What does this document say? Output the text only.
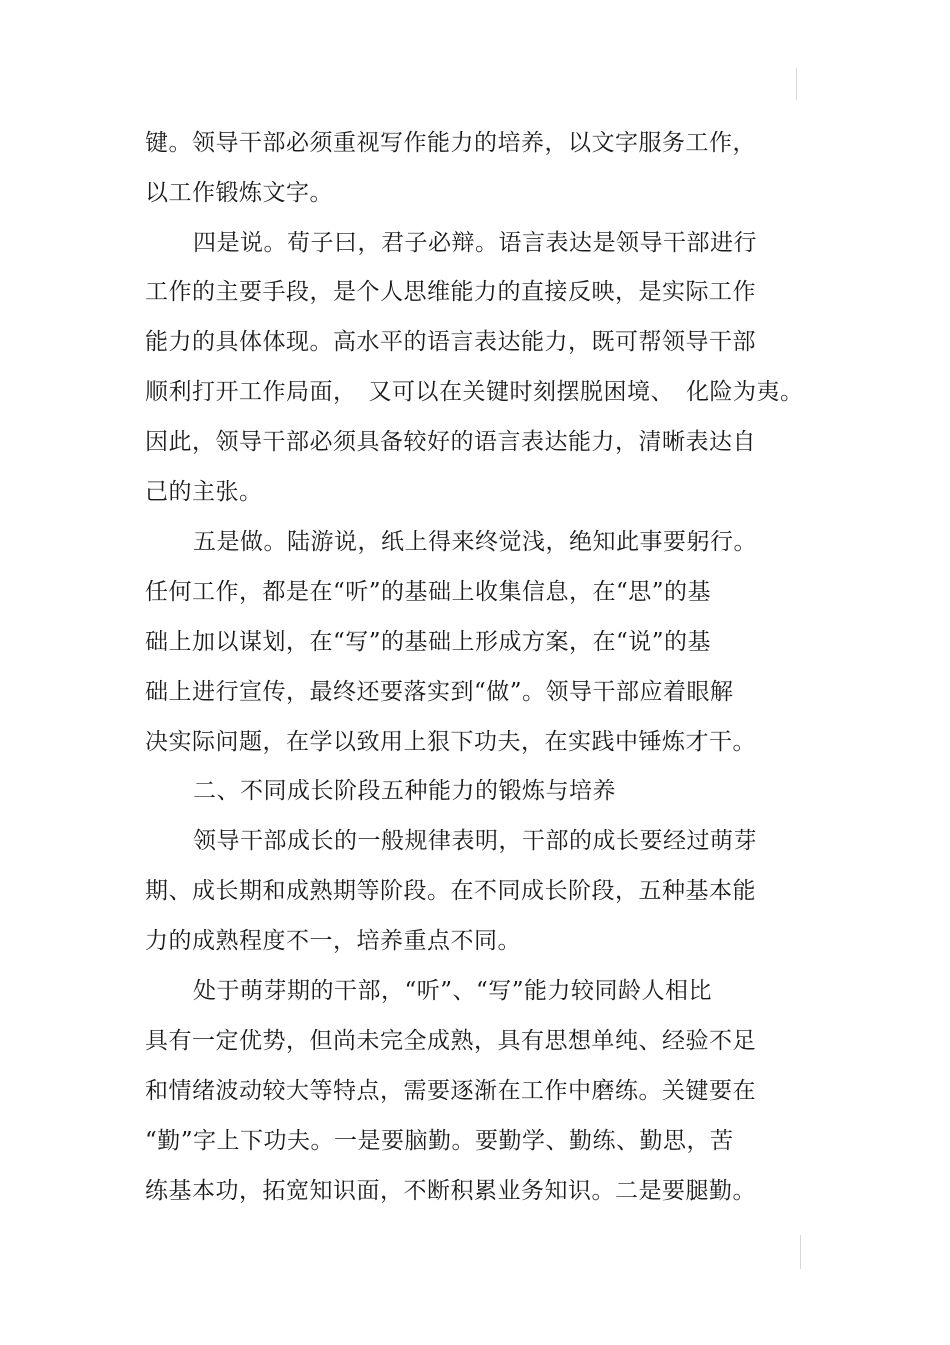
键。领导干部必须重视写作能力的培养，以文字服务工作，
以工作锻炼文字。
四是说。荀子曰，君子必辩。语言表达是领导干部进行
工作的主要手段，是个人思维能力的直接反映，是实际工作
能力的具体体现。高水平的语言表达能力，既可帮领导干部
顺利打开工作局面，　又可以在关键时刻摆脱困境、　化险为夷。
因此，领导干部必须具备较好的语言表达能力，清晰表达自
己的主张。
五是做。陆游说，纸上得来终觉浅，绝知此事要躬行。
任何工作，都是在“听”的基础上收集信息，在“思”的基
础上加以谋划，在“写”的基础上形成方案，在“说”的基
础上进行宣传，最终还要落实到“做”。领导干部应着眼解
决实际问题，在学以致用上狠下功夫，在实践中锤炼才干。
二、不同成长阶段五种能力的锻炼与培养
领导干部成长的一般规律表明，干部的成长要经过萌芽
期、成长期和成熟期等阶段。在不同成长阶段，五种基本能
力的成熟程度不一，培养重点不同。
处于萌芽期的干部，“听”、“写”能力较同龄人相比
具有一定优势，但尚未完全成熟，具有思想单纯、经验不足
和情绪波动较大等特点，需要逐渐在工作中磨练。关键要在
“勤”字上下功夫。一是要脑勤。要勤学、勤练、勤思，苦
练基本功，拓宽知识面，不断积累业务知识。二是要腿勤。
